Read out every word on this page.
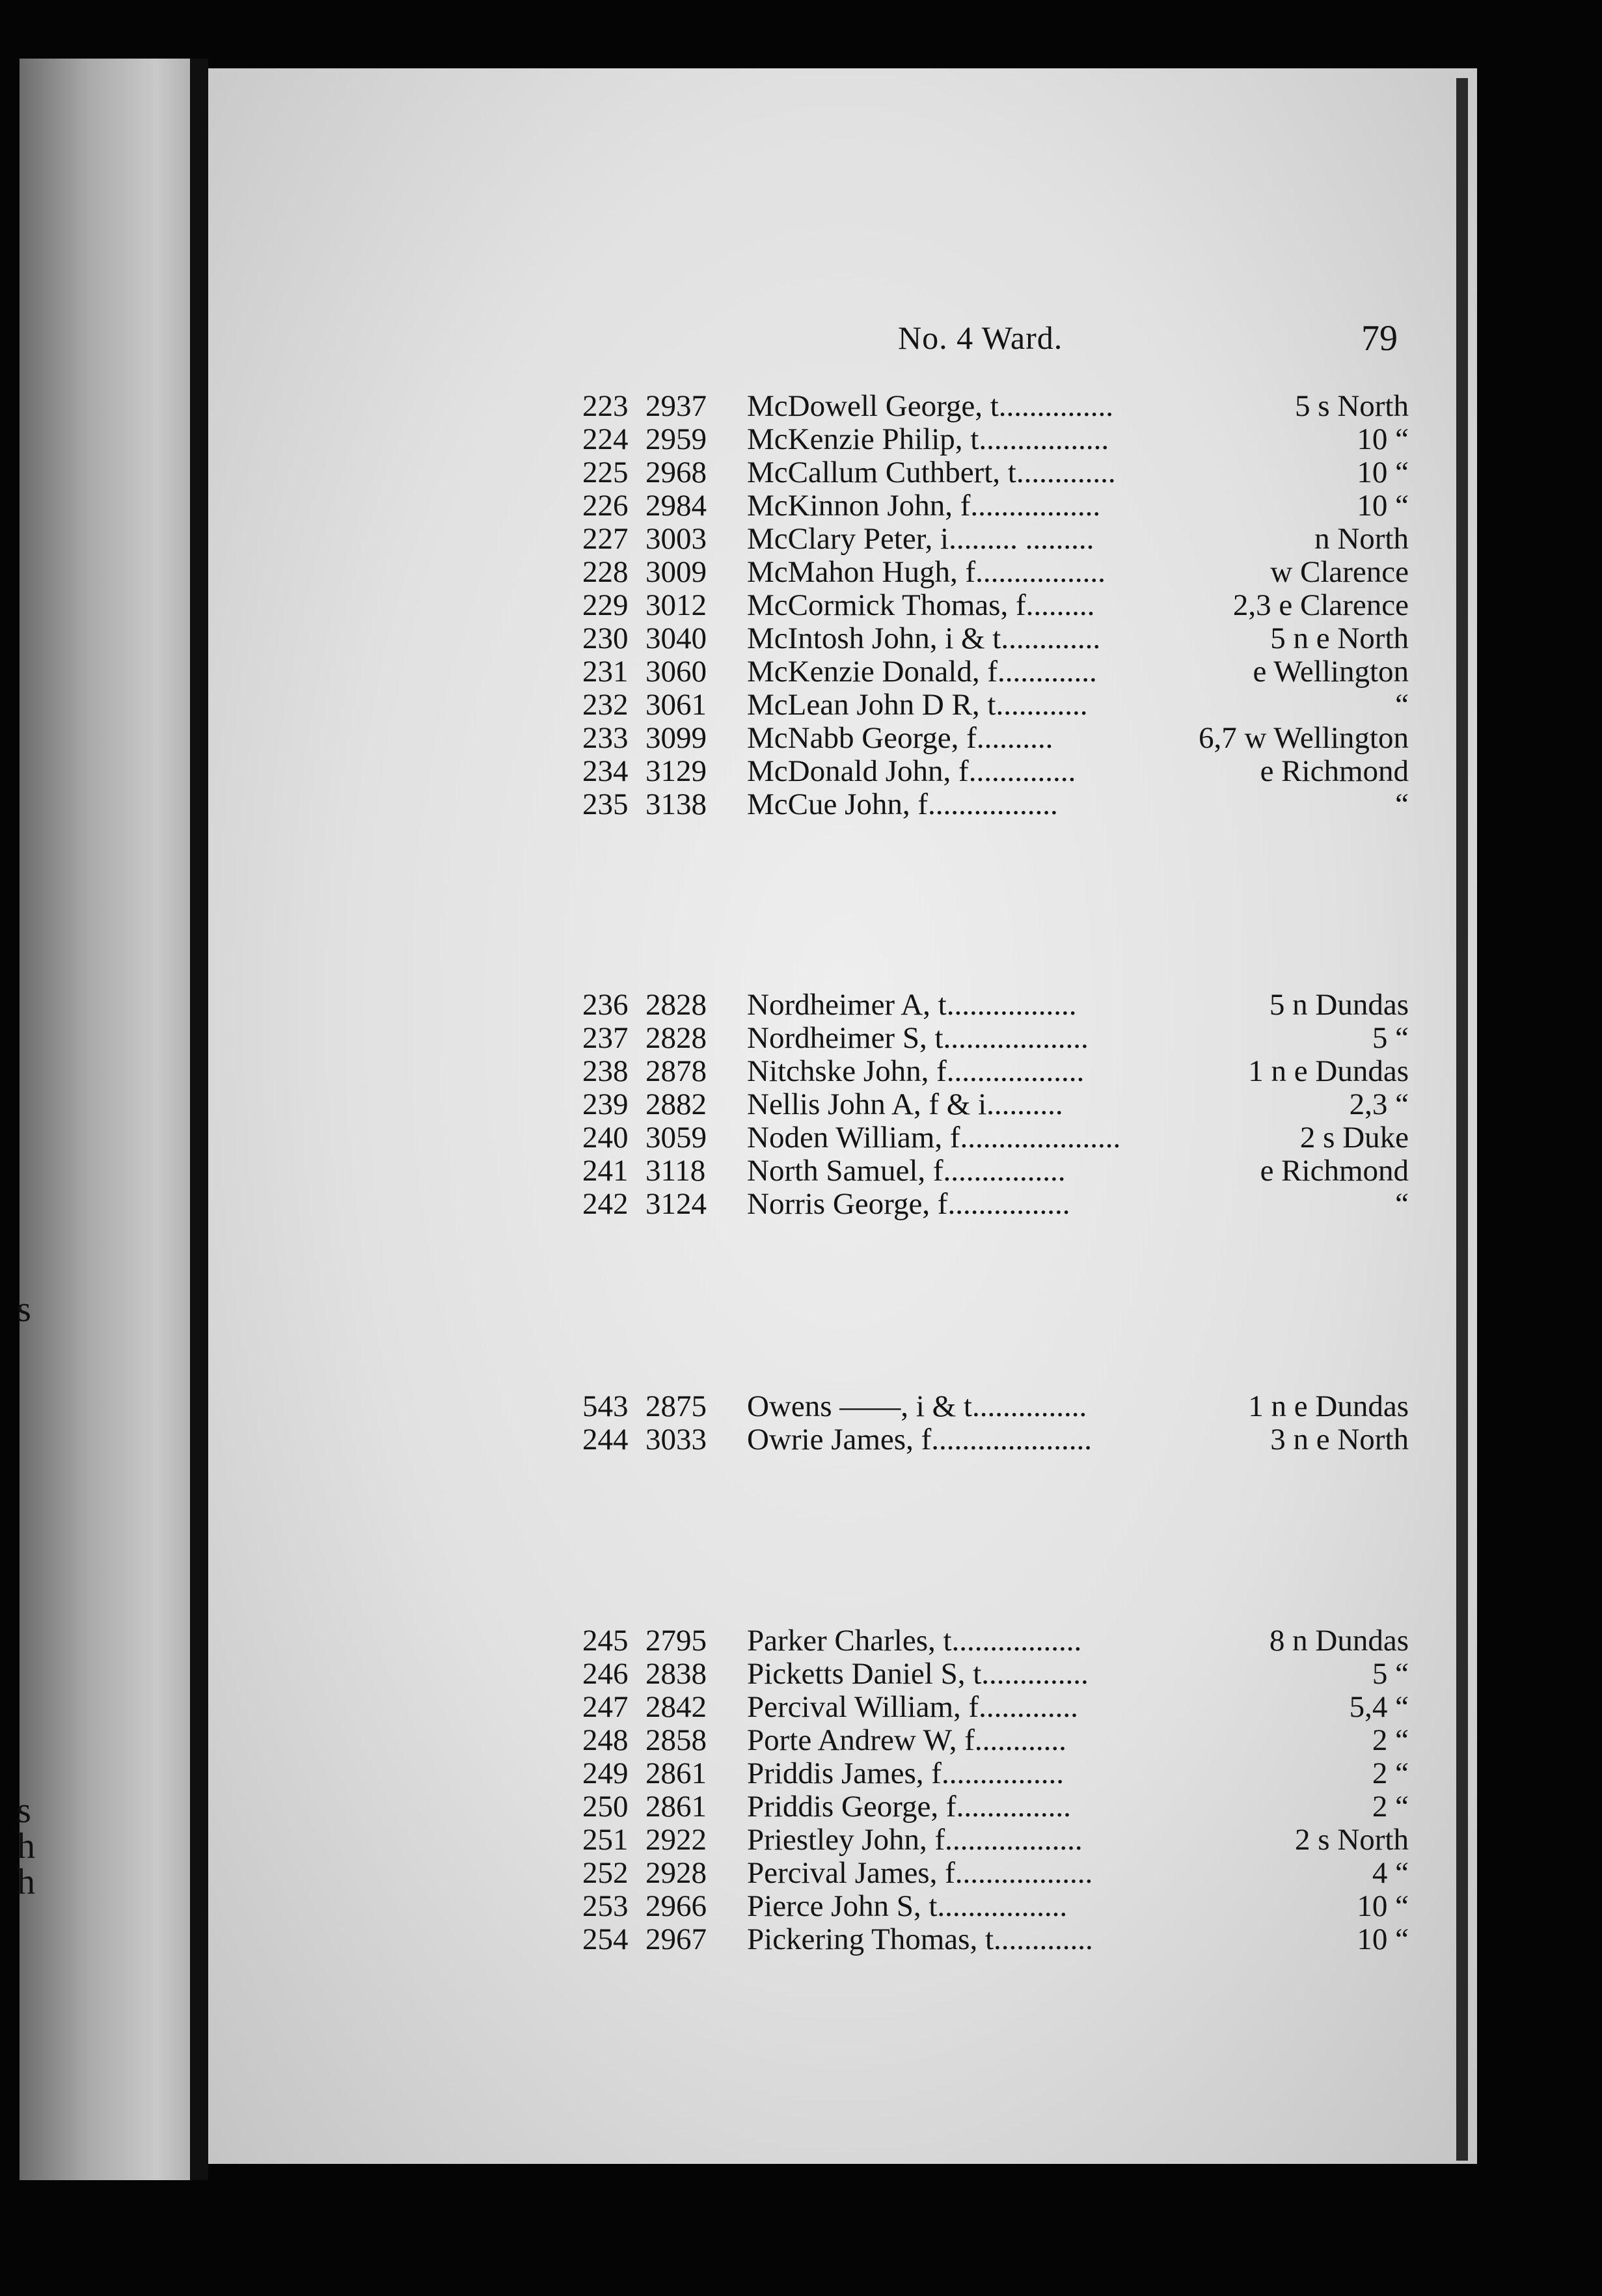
s
s
h
h
No. 4 Ward.	79
223 2937	McDowell George, t...............	5 s North
224 2959	McKenzie Philip, t.................	10 “
225 2968	McCallum Cuthbert, t.............	10 “
226 2984	McKinnon John, f.................	10 “
227 3003	McClary Peter, i......... .........	n North
228 3009	McMahon Hugh, f.................	w Clarence
229 3012	McCormick Thomas, f.........	2,3 e Clarence
230 3040	McIntosh John, i & t.............	5 n e North
231 3060	McKenzie Donald, f.............	e Wellington
232 3061	McLean John D R, t............	“
233 3099	McNabb George, f..........	6,7 w Wellington
234 3129	McDonald John, f..............	e Richmond
235 3138	McCue John, f.................	“
236 2828	Nordheimer A, t.................	5 n Dundas
237 2828	Nordheimer S, t...................	5 “
238 2878	Nitchske John, f..................	1 n e Dundas
239 2882	Nellis John A, f & i..........	2,3 “
240 3059	Noden William, f.....................	2 s Duke
241 3118	North Samuel, f................	e Richmond
242 3124	Norris George, f................	“
543 2875	Owens ——, i & t...............	1 n e Dundas
244 3033	Owrie James, f.....................	3 n e North
245 2795	Parker Charles, t.................	8 n Dundas
246 2838	Picketts Daniel S, t..............	5 “
247 2842	Percival William, f.............	5,4 “
248 2858	Porte Andrew W, f............	2 “
249 2861	Priddis James, f................	2 “
250 2861	Priddis George, f...............	2 “
251 2922	Priestley John, f..................	2 s North
252 2928	Percival James, f..................	4 “
253 2966	Pierce John S, t.................	10 “
254 2967	Pickering Thomas, t.............	10 “
